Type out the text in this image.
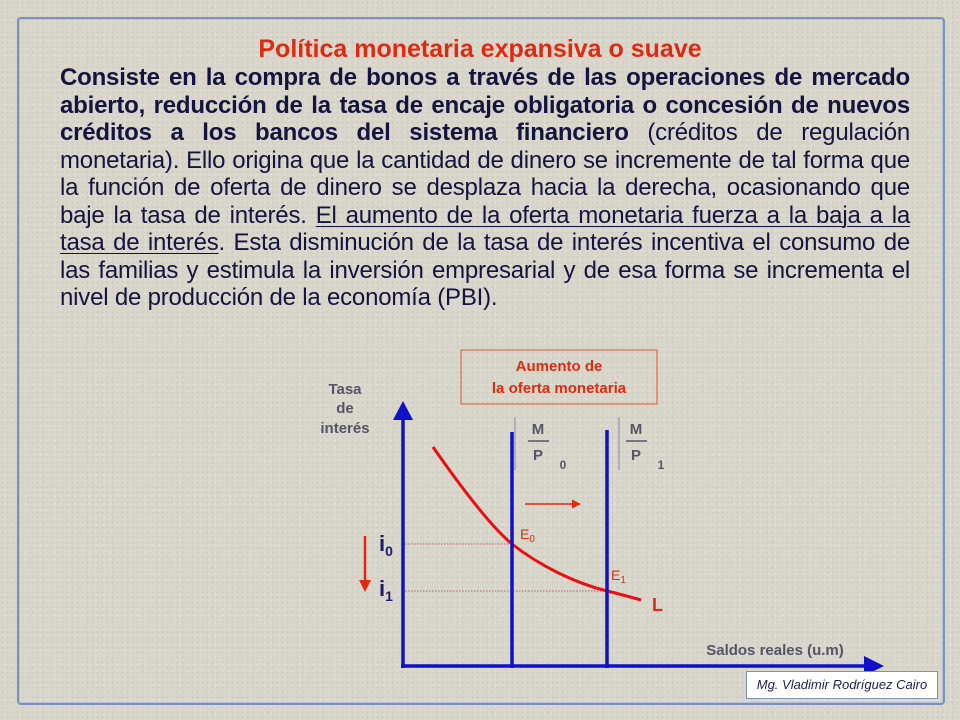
Política monetaria expansiva o suave
Consiste en la compra de bonos a través de las operaciones de mercado abierto, reducción de la tasa de encaje obligatoria o concesión de nuevos créditos a los bancos del sistema financiero (créditos de regulación monetaria). Ello origina que la cantidad de dinero se incremente de tal forma que la función de oferta de dinero se desplaza hacia la derecha, ocasionando que baje la tasa de interés. El aumento de la oferta monetaria fuerza a la baja a la tasa de interés. Esta disminución de la tasa de interés incentiva el consumo de las familias y estimula la inversión empresarial y de esa forma se incrementa el nivel de producción de la economía (PBI).
Aumento de
la oferta monetaria
Tasa
de
interés	M
P
0
M
P
1
Saldos reales (u.m)
i0
i1
E0
E1
L
Mg. Vladimir Rodríguez Cairo
